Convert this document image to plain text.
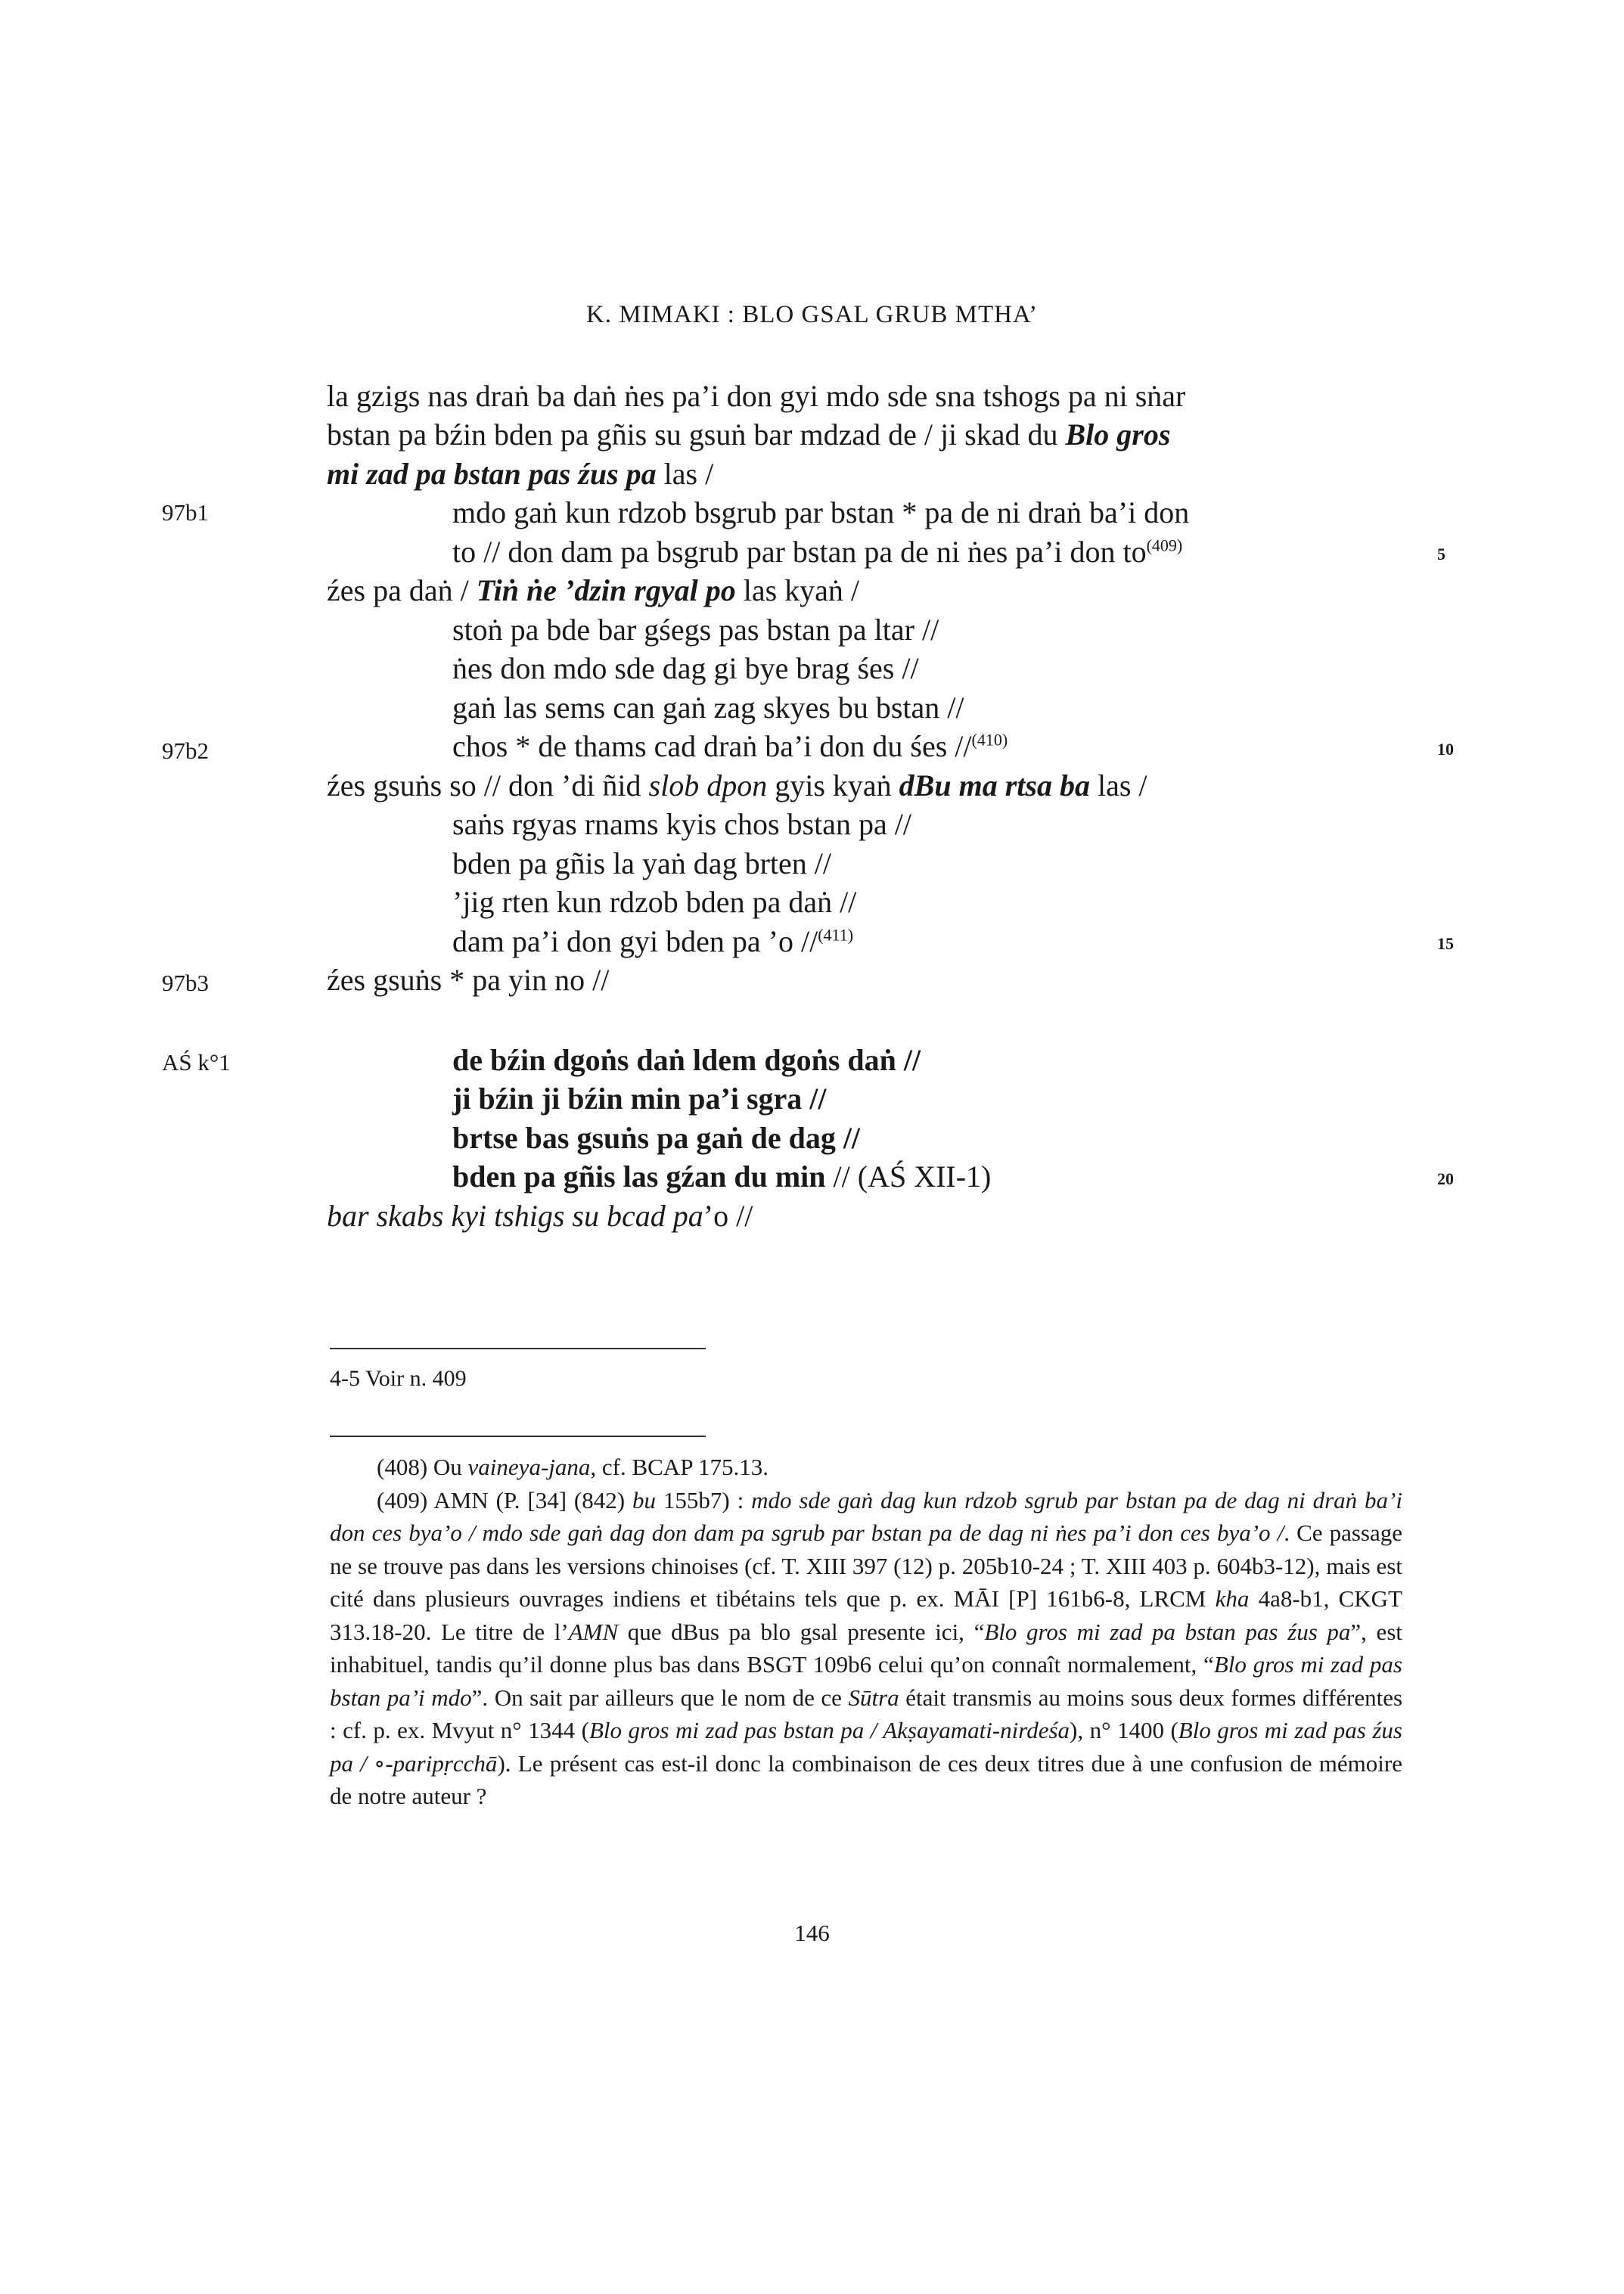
K. MIMAKI : BLO GSAL GRUB MTHA’
97b1
97b2
97b3
AŚ k°1
5
10
15
20
la gzigs nas draṅ ba daṅ ṅes pa’i don gyi mdo sde sna tshogs pa ni sṅar
bstan pa bźin bden pa gñis su gsuṅ bar mdzad de / ji skad du Blo gros
mi zad pa bstan pas źus pa las /
mdo gaṅ kun rdzob bsgrub par bstan * pa de ni draṅ ba’i don
to // don dam pa bsgrub par bstan pa de ni ṅes pa’i don $to^{(409)}$
źes pa daṅ / Tiṅ ṅe ’dzin rgyal po las kyaṅ /
stoṅ pa bde bar gśegs pas bstan pa ltar //
ṅes don mdo sde dag gi bye brag śes //
gaṅ las sems can gaṅ zag skyes bu bstan //
chos * de thams cad draṅ ba’i don du śes //$^{(410)}$
źes gsuṅs so // don ’di ñid slob dpon gyis kyaṅ dBu ma rtsa ba las /
saṅs rgyas rnams kyis chos bstan pa //
bden pa gñis la yaṅ dag brten //
’jig rten kun rdzob bden pa daṅ //
dam pa’i don gyi bden pa ’o //$^{(411)}$
źes gsuṅs * pa yin no //
de bźin dgoṅs daṅ ldem dgoṅs daṅ //
ji bźin ji bźin min pa’i sgra //
brtse bas gsuṅs pa gaṅ de dag //
bden pa gñis las gźan du min // (AŚ XII-1)
bar skabs kyi tshigs su bcad pa’o //
4-5 Voir n. 409

(408) Ou vaineya-jana, cf. BCAP 175.13.

(409) AMN (P. [34] (842) bu 155b7) : mdo sde gaṅ dag kun rdzob sgrub par bstan pa de dag ni draṅ ba’i don ces bya’o / mdo sde gaṅ dag don dam pa sgrub par bstan pa de dag ni ṅes pa’i don ces bya’o /. Ce passage ne se trouve pas dans les versions chinoises (cf. T. XIII 397 (12) p. 205b10-24 ; T. XIII 403 p. 604b3-12), mais est cité dans plusieurs ouvrages indiens et tibétains tels que p. ex. MĀI [P] 161b6-8, LRCM kha 4a8-b1, CKGT 313.18-20. Le titre de l’AMN que dBus pa blo gsal presente ici, “Blo gros mi zad pa bstan pas źus pa”, est inhabituel, tandis qu’il donne plus bas dans BSGT 109b6 celui qu’on connaît normalement, “Blo gros mi zad pas bstan pa’i mdo”. On sait par ailleurs que le nom de ce Sūtra était transmis au moins sous deux formes différentes : cf. p. ex. Mvyut n° 1344 (Blo gros mi zad pas bstan pa / Akṣayamati-nirdeśa), n° 1400 (Blo gros mi zad pas źus pa / ∘-paripṛcchā). Le présent cas est-il donc la combinaison de ces deux titres due à une confusion de mémoire de notre auteur ?

146
